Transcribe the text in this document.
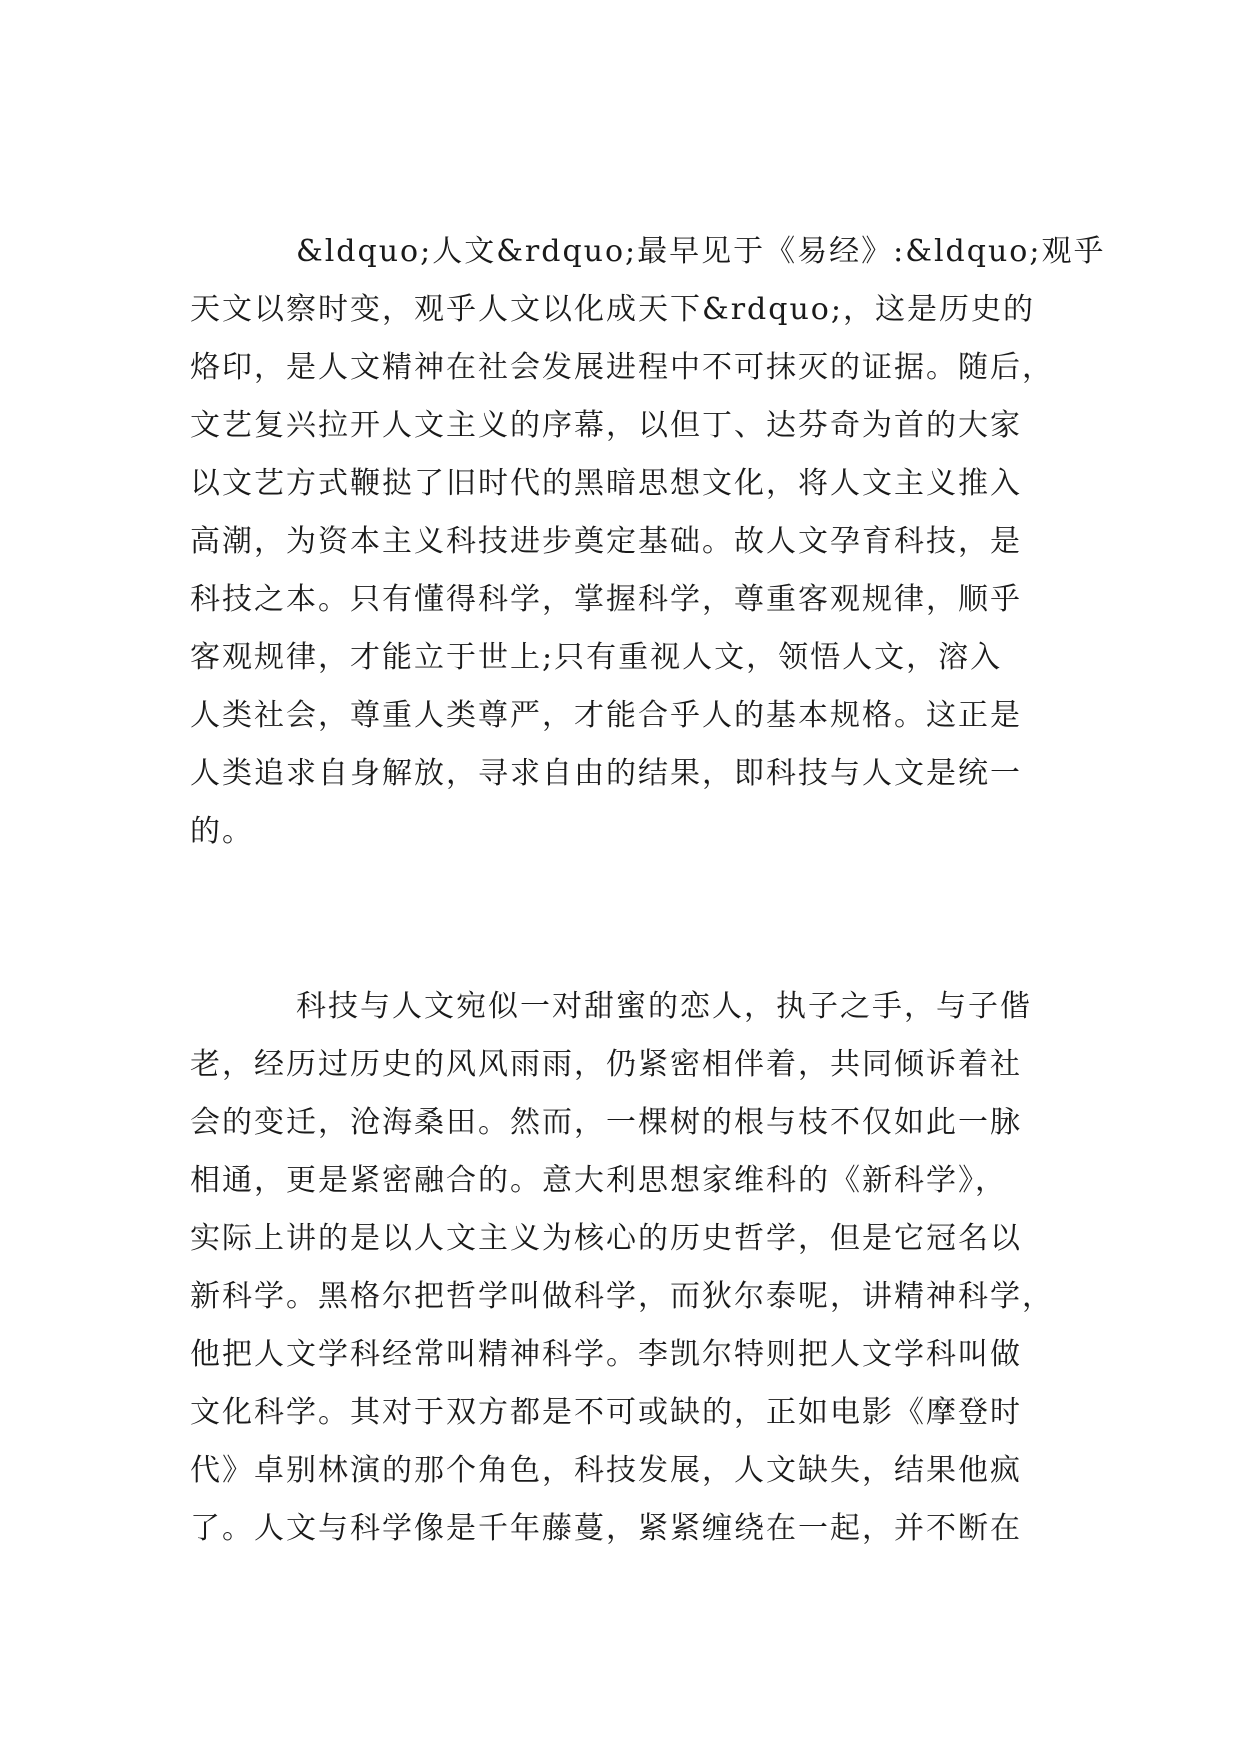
&ldquo;人文&rdquo;最早见于《易经》:&ldquo;观乎
天文以察时变，观乎人文以化成天下&rdquo;，这是历史的
烙印，是人文精神在社会发展进程中不可抹灭的证据。随后，
文艺复兴拉开人文主义的序幕，以但丁、达芬奇为首的大家
以文艺方式鞭挞了旧时代的黑暗思想文化，将人文主义推入
高潮，为资本主义科技进步奠定基础。故人文孕育科技，是
科技之本。只有懂得科学，掌握科学，尊重客观规律，顺乎
客观规律，才能立于世上;只有重视人文，领悟人文，溶入
人类社会，尊重人类尊严，才能合乎人的基本规格。这正是
人类追求自身解放，寻求自由的结果，即科技与人文是统一
的。
科技与人文宛似一对甜蜜的恋人，执子之手，与子偕
老，经历过历史的风风雨雨，仍紧密相伴着，共同倾诉着社
会的变迁，沧海桑田。然而，一棵树的根与枝不仅如此一脉
相通，更是紧密融合的。意大利思想家维科的《新科学》，
实际上讲的是以人文主义为核心的历史哲学，但是它冠名以
新科学。黑格尔把哲学叫做科学，而狄尔泰呢，讲精神科学，
他把人文学科经常叫精神科学。李凯尔特则把人文学科叫做
文化科学。其对于双方都是不可或缺的，正如电影《摩登时
代》卓别林演的那个角色，科技发展，人文缺失，结果他疯
了。人文与科学像是千年藤蔓，紧紧缠绕在一起，并不断在
